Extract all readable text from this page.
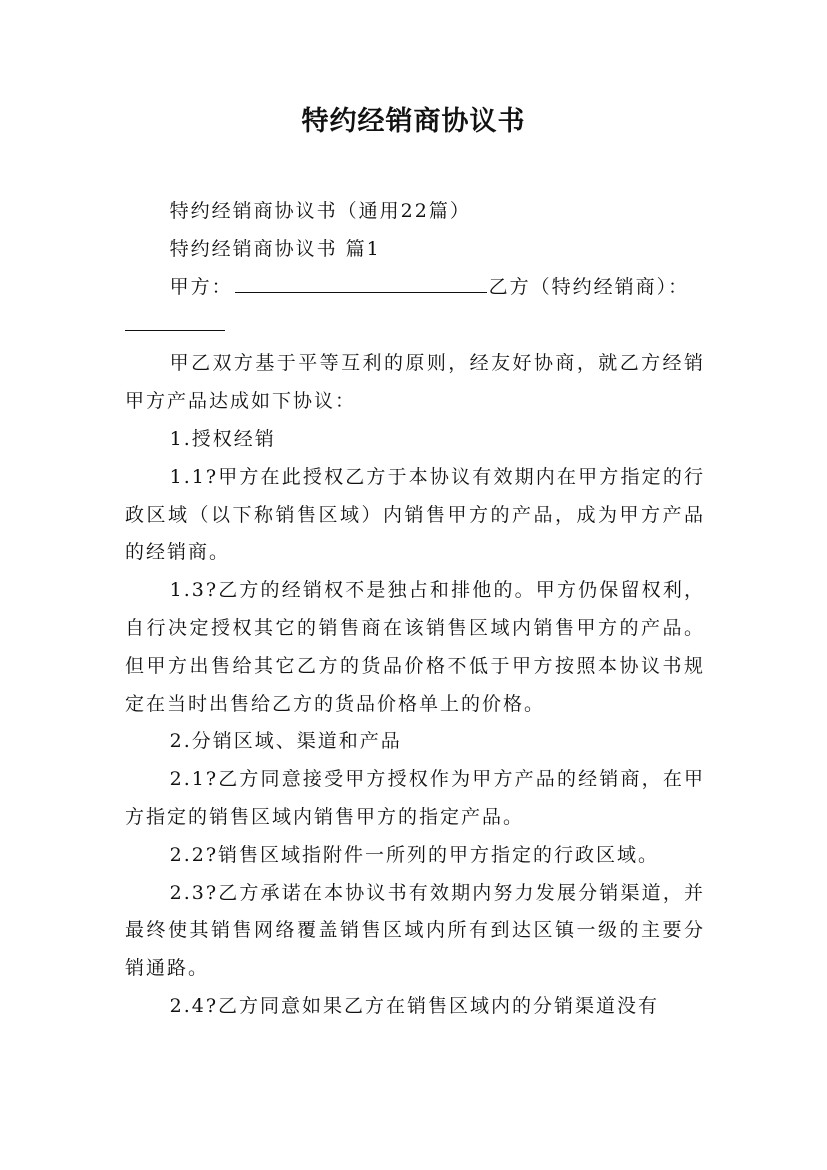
特约经销商协议书

特约经销商协议书（通用22篇）

特约经销商协议书 篇1

甲方：	乙方（特约经销商）：

甲乙双方基于平等互利的原则，经友好协商，就乙方经销甲方产品达成如下协议：

1.授权经销

1.1?甲方在此授权乙方于本协议有效期内在甲方指定的行政区域（以下称销售区域）内销售甲方的产品，成为甲方产品的经销商。

1.3?乙方的经销权不是独占和排他的。甲方仍保留权利，自行决定授权其它的销售商在该销售区域内销售甲方的产品。但甲方出售给其它乙方的货品价格不低于甲方按照本协议书规定在当时出售给乙方的货品价格单上的价格。

2.分销区域、渠道和产品

2.1?乙方同意接受甲方授权作为甲方产品的经销商，在甲方指定的销售区域内销售甲方的指定产品。

2.2?销售区域指附件一所列的甲方指定的行政区域。

2.3?乙方承诺在本协议书有效期内努力发展分销渠道，并最终使其销售网络覆盖销售区域内所有到达区镇一级的主要分销通路。

2.4?乙方同意如果乙方在销售区域内的分销渠道没有
